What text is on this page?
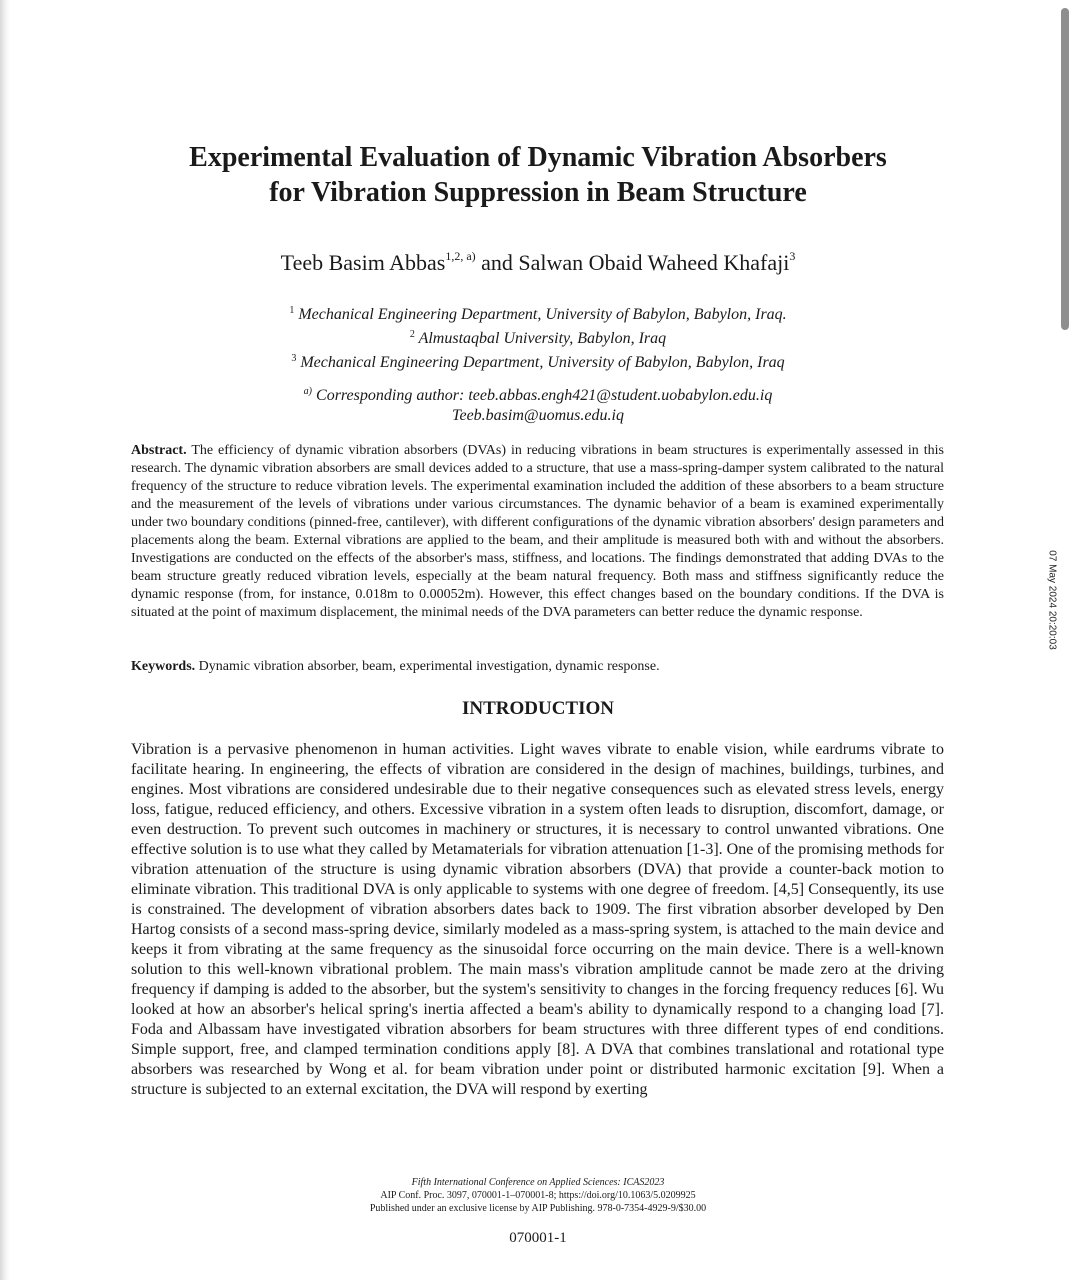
Experimental Evaluation of Dynamic Vibration Absorbers
for Vibration Suppression in Beam Structure
Teeb Basim Abbas$^{1,2, a)}$ and Salwan Obaid Waheed Khafaji$^3$
$^1$ Mechanical Engineering Department, University of Babylon, Babylon, Iraq.
$^2$ Almustaqbal University, Babylon, Iraq
$^3$ Mechanical Engineering Department, University of Babylon, Babylon, Iraq
$^{a)}$ Corresponding author: teeb.abbas.engh421@student.uobabylon.edu.iq
Teeb.basim@uomus.edu.iq
Abstract. The efficiency of dynamic vibration absorbers (DVAs) in reducing vibrations in beam structures is experimentally assessed in this research. The dynamic vibration absorbers are small devices added to a structure, that use a mass-spring-damper system calibrated to the natural frequency of the structure to reduce vibration levels. The experimental examination included the addition of these absorbers to a beam structure and the measurement of the levels of vibrations under various circumstances. The dynamic behavior of a beam is examined experimentally under two boundary conditions (pinned-free, cantilever), with different configurations of the dynamic vibration absorbers' design parameters and placements along the beam. External vibrations are applied to the beam, and their amplitude is measured both with and without the absorbers. Investigations are conducted on the effects of the absorber's mass, stiffness, and locations. The findings demonstrated that adding DVAs to the beam structure greatly reduced vibration levels, especially at the beam natural frequency. Both mass and stiffness significantly reduce the dynamic response (from, for instance, 0.018m to 0.00052m). However, this effect changes based on the boundary conditions. If the DVA is situated at the point of maximum displacement, the minimal needs of the DVA parameters can better reduce the dynamic response.
Keywords. Dynamic vibration absorber, beam, experimental investigation, dynamic response.
INTRODUCTION
Vibration is a pervasive phenomenon in human activities. Light waves vibrate to enable vision, while eardrums vibrate to facilitate hearing. In engineering, the effects of vibration are considered in the design of machines, buildings, turbines, and engines. Most vibrations are considered undesirable due to their negative consequences such as elevated stress levels, energy loss, fatigue, reduced efficiency, and others. Excessive vibration in a system often leads to disruption, discomfort, damage, or even destruction. To prevent such outcomes in machinery or structures, it is necessary to control unwanted vibrations. One effective solution is to use what they called by Metamaterials for vibration attenuation [1-3]. One of the promising methods for vibration attenuation of the structure is using dynamic vibration absorbers (DVA) that provide a counter-back motion to eliminate vibration. This traditional DVA is only applicable to systems with one degree of freedom. [4,5] Consequently, its use is constrained. The development of vibration absorbers dates back to 1909. The first vibration absorber developed by Den Hartog consists of a second mass-spring device, similarly modeled as a mass-spring system, is attached to the main device and keeps it from vibrating at the same frequency as the sinusoidal force occurring on the main device. There is a well-known solution to this well-known vibrational problem. The main mass's vibration amplitude cannot be made zero at the driving frequency if damping is added to the absorber, but the system's sensitivity to changes in the forcing frequency reduces [6]. Wu looked at how an absorber's helical spring's inertia affected a beam's ability to dynamically respond to a changing load [7]. Foda and Albassam have investigated vibration absorbers for beam structures with three different types of end conditions. Simple support, free, and clamped termination conditions apply [8]. A DVA that combines translational and rotational type absorbers was researched by Wong et al. for beam vibration under point or distributed harmonic excitation [9]. When a structure is subjected to an external excitation, the DVA will respond by exerting
07 May 2024 20:20:03
Fifth International Conference on Applied Sciences: ICAS2023
AIP Conf. Proc. 3097, 070001-1–070001-8; https://doi.org/10.1063/5.0209925
Published under an exclusive license by AIP Publishing. 978-0-7354-4929-9/$30.00
070001-1
